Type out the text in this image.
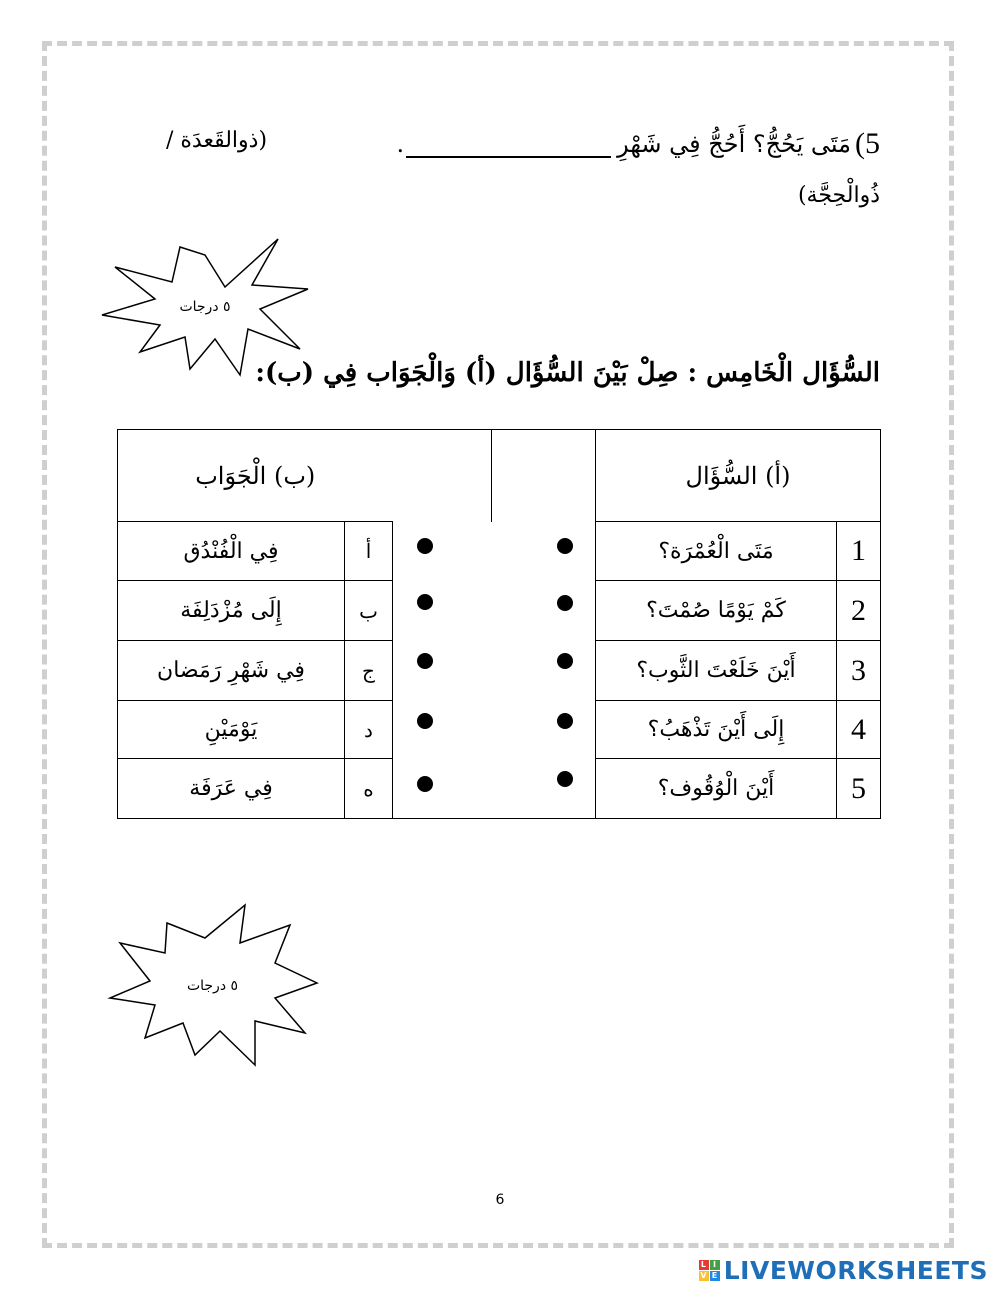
5)
مَتَى يَحُجُّ؟ أَحُجُّ فِي شَهْرِ
.
(ذوالقَعدَة /
ذُوالْحِجَّة)
٥ درجات
السُّؤَال الْخَامِس : صِلْ بَيْنَ السُّؤَال (أ) وَالْجَوَاب فِي (ب):
(ب) الْجَوَاب			(أ) السُّؤَال	
فِي الْفُنْدُق	أ		مَتَى الْعُمْرَة؟	1
إِلَى مُزْدَلِفَة	ب		كَمْ يَوْمًا صُمْتَ؟	2
فِي شَهْرِ رَمَضان	ج		أَيْنَ خَلَعْتَ الثَّوب؟	3
يَوْمَيْنِ	د		إِلَى أَيْنَ تَذْهَبُ؟	4
فِي عَرَفَة	ه		أَيْنَ الْوُقُوف؟	5
٥ درجات
6
L I
V E LIVEWORKSHEETS
